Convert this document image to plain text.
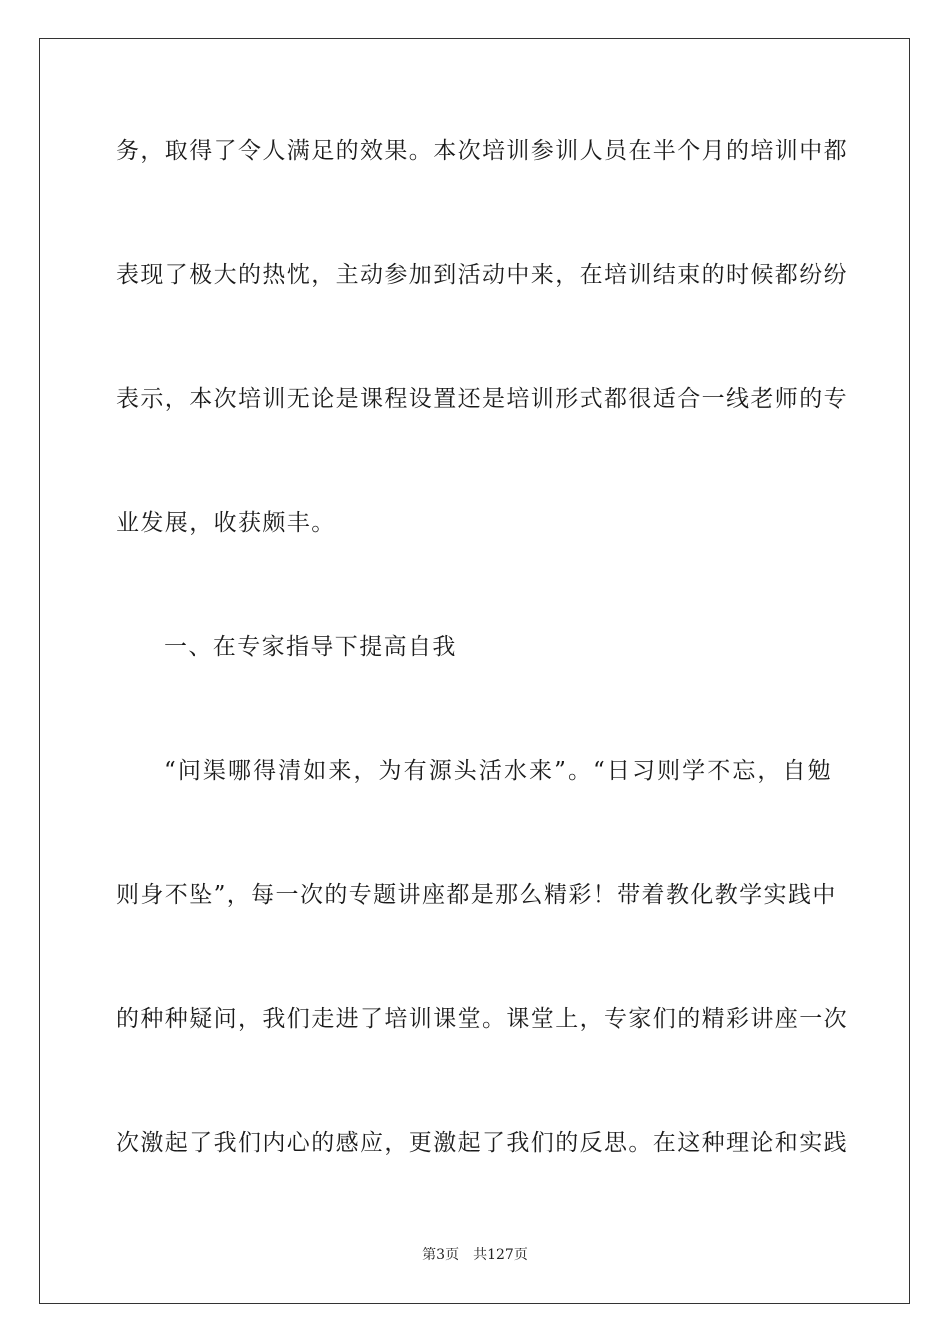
务，取得了令人满足的效果。本次培训参训人员在半个月的培训中都
表现了极大的热忱，主动参加到活动中来，在培训结束的时候都纷纷
表示，本次培训无论是课程设置还是培训形式都很适合一线老师的专
业发展，收获颇丰。
一、在专家指导下提高自我
“问渠哪得清如来，为有源头活水来”。“日习则学不忘，自勉
则身不坠”，每一次的专题讲座都是那么精彩！带着教化教学实践中
的种种疑问，我们走进了培训课堂。课堂上，专家们的精彩讲座一次
次激起了我们内心的感应，更激起了我们的反思。在这种理论和实践
第3页 共127页
